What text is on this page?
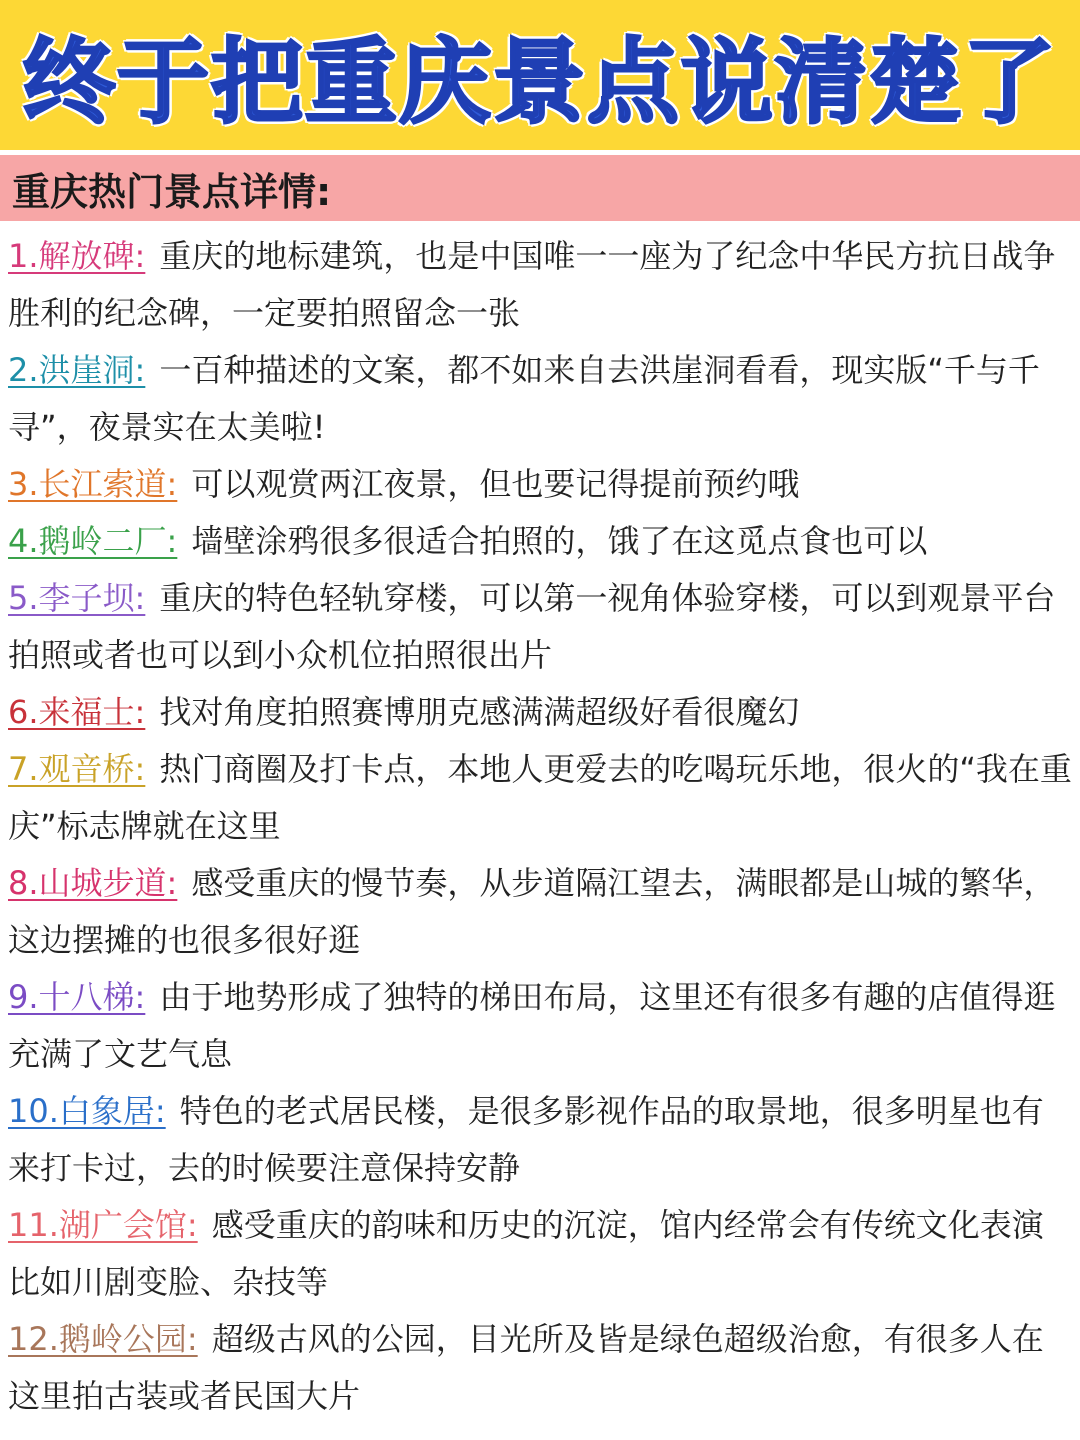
终于把重庆景点说清楚了
重庆热门景点详情:

1.解放碑: 重庆的地标建筑，也是中国唯一一座为了纪念中华民方抗日战争胜利的纪念碑，一定要拍照留念一张

2.洪崖洞: 一百种描述的文案，都不如来自去洪崖洞看看，现实版“千与千寻”，夜景实在太美啦!

3.长江索道: 可以观赏两江夜景，但也要记得提前预约哦

4.鹅岭二厂: 墙壁涂鸦很多很适合拍照的，饿了在这觅点食也可以

5.李子坝: 重庆的特色轻轨穿楼，可以第一视角体验穿楼，可以到观景平台拍照或者也可以到小众机位拍照很出片

6.来福士: 找对角度拍照赛博朋克感满满超级好看很魔幻

7.观音桥: 热门商圈及打卡点，本地人更爱去的吃喝玩乐地，很火的“我在重庆”标志牌就在这里

8.山城步道: 感受重庆的慢节奏，从步道隔江望去，满眼都是山城的繁华，这边摆摊的也很多很好逛

9.十八梯: 由于地势形成了独特的梯田布局，这里还有很多有趣的店值得逛充满了文艺气息

10.白象居: 特色的老式居民楼，是很多影视作品的取景地，很多明星也有来打卡过，去的时候要注意保持安静

11.湖广会馆: 感受重庆的韵味和历史的沉淀，馆内经常会有传统文化表演比如川剧变脸、杂技等

12.鹅岭公园: 超级古风的公园，目光所及皆是绿色超级治愈，有很多人在这里拍古装或者民国大片
